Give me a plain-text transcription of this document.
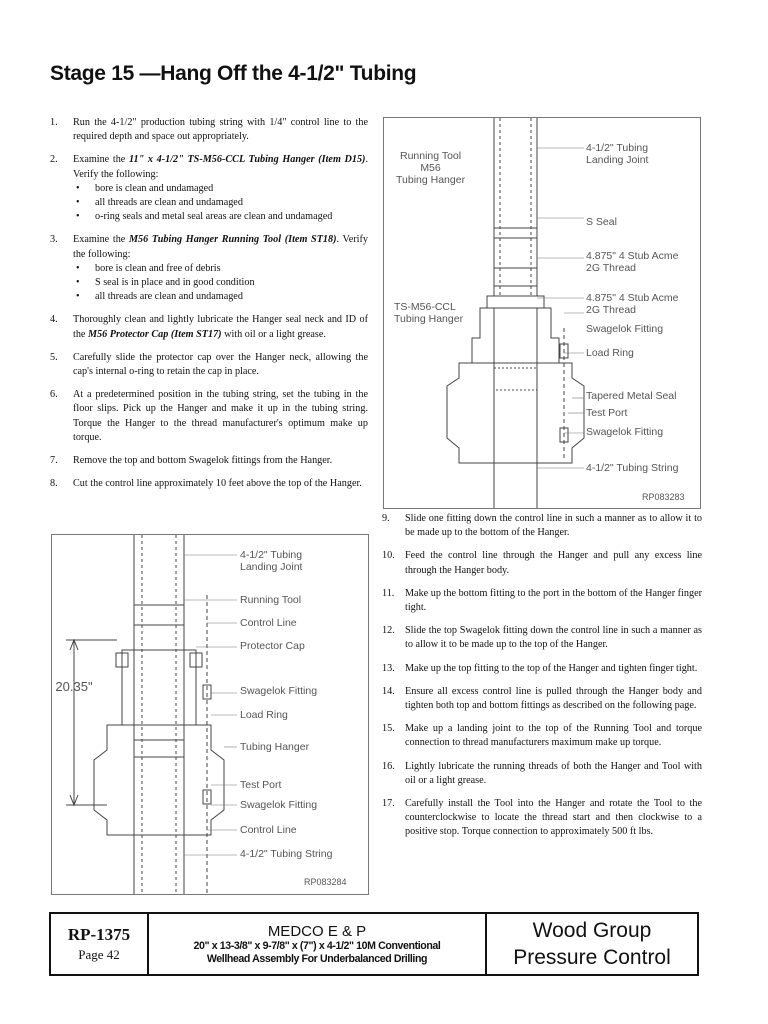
Stage 15 —Hang Off the 4-1/2" Tubing
1.	Run the 4-1/2" production tubing string with 1/4" control line to the required depth and space out appropriately.
2.	Examine the 11" x 4-1/2" TS-M56-CCL Tubing Hanger (Item D15). Verify the following:
• bore is clean and undamaged
• all threads are clean and undamaged
• o-ring seals and metal seal areas are clean and undamaged
3.	Examine the M56 Tubing Hanger Running Tool (Item ST18). Verify the following:
• bore is clean and free of debris
• S seal is in place and in good condition
• all threads are clean and undamaged
4.	Thoroughly clean and lightly lubricate the Hanger seal neck and ID of the M56 Protector Cap (Item ST17) with oil or a light grease.
5.	Carefully slide the protector cap over the Hanger neck, allowing the cap's internal o-ring to retain the cap in place.
6.	At a predetermined position in the tubing string, set the tubing in the floor slips. Pick up the Hanger and make it up in the tubing string. Torque the Hanger to the thread manufacturer's optimum make up torque.
7.	Remove the top and bottom Swagelok fittings from the Hanger.
8.	Cut the control line approximately 10 feet above the top of the Hanger.
Running Tool
M56
Tubing Hanger
TS-M56-CCL
Tubing Hanger
4-1/2" Tubing
Landing Joint
S Seal
4.875" 4 Stub Acme
2G Thread
4.875" 4 Stub Acme
2G Thread
Swagelok Fitting
Load Ring
Tapered Metal Seal
Test Port
Swagelok Fitting
4-1/2" Tubing String
RP083283
20.35"
4-1/2" Tubing
Landing Joint
Running Tool
Control Line
Protector Cap
Swagelok Fitting
Load Ring
Tubing Hanger
Test Port
Swagelok Fitting
Control Line
4-1/2" Tubing String
RP083284
9.	Slide one fitting down the control line in such a manner as to allow it to be made up to the bottom of the Hanger.
10.	Feed the control line through the Hanger and pull any excess line through the Hanger body.
11.	Make up the bottom fitting to the port in the bottom of the Hanger finger tight.
12.	Slide the top Swagelok fitting down the control line in such a manner as to allow it to be made up to the top of the Hanger.
13.	Make up the top fitting to the top of the Hanger and tighten finger tight.
14.	Ensure all excess control line is pulled through the Hanger body and tighten both top and bottom fittings as described on the following page.
15.	Make up a landing joint to the top of the Running Tool and torque connection to thread manufacturers maximum make up torque.
16.	Lightly lubricate the running threads of both the Hanger and Tool with oil or a light grease.
17.	Carefully install the Tool into the Hanger and rotate the Tool to the counterclockwise to locate the thread start and then clockwise to a positive stop. Torque connection to approximately 500 ft lbs.
RP-1375
Page 42
MEDCO E & P
20" x 13-3/8" x 9-7/8" x (7") x 4-1/2" 10M Conventional
Wellhead Assembly For Underbalanced Drilling
Wood Group
Pressure Control
